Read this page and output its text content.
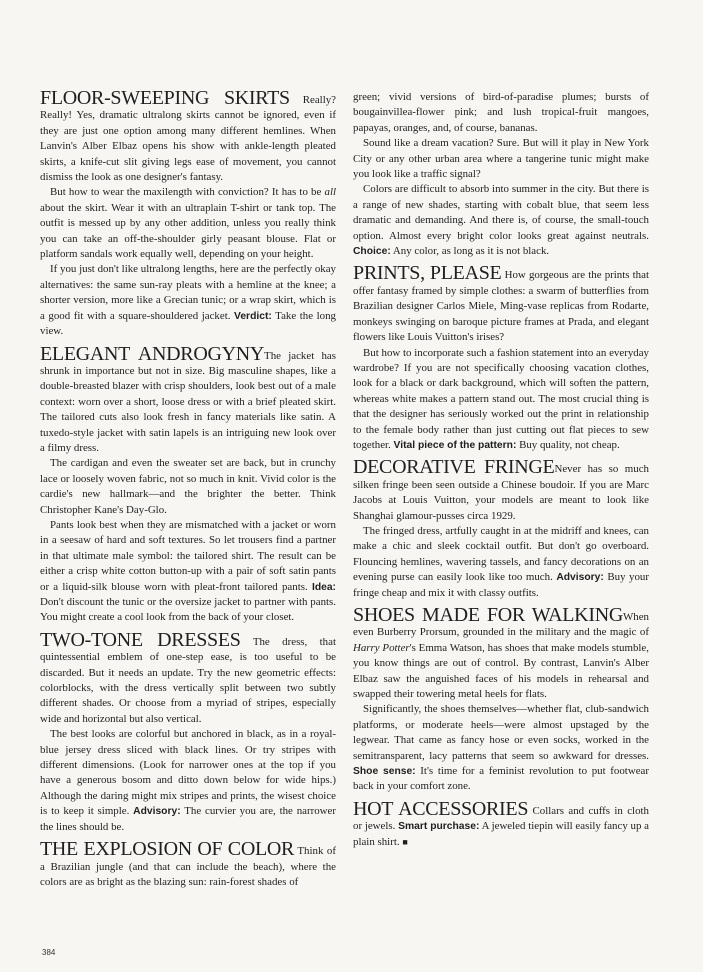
FLOOR-SWEEPING SKIRTS Really? Really! Yes, dramatic ultralong skirts cannot be ignored, even if they are just one option among many different hemlines. When Lanvin's Alber Elbaz opens his show with ankle-length pleated skirts, a knife-cut slit giving legs ease of movement, you cannot dismiss the look as one designer's fantasy.

But how to wear the maxilength with conviction? It has to be all about the skirt. Wear it with an ultraplain T-shirt or tank top. The outfit is messed up by any other addition, unless you really think you can take an off-the-shoulder girly peasant blouse. Flat or platform sandals work equally well, depending on your height.

If you just don't like ultralong lengths, here are the perfectly okay alternatives: the same sun-ray pleats with a hemline at the knee; a shorter version, more like a Grecian tunic; or a wrap skirt, which is a good fit with a square-shouldered jacket. Verdict: Take the long view.

ELEGANT ANDROGYNYThe jacket has shrunk in importance but not in size. Big masculine shapes, like a double-breasted blazer with crisp shoulders, look best out of a male context: worn over a short, loose dress or with a brief pleated skirt. The tailored cuts also look fresh in fancy materials like satin. A tuxedo-style jacket with satin lapels is an intriguing new look over a filmy dress.

The cardigan and even the sweater set are back, but in crunchy lace or loosely woven fabric, not so much in knit. Vivid color is the cardie's new hallmark—and the brighter the better. Think Christopher Kane's Day-Glo.

Pants look best when they are mismatched with a jacket or worn in a seesaw of hard and soft textures. So let trousers find a partner in that ultimate male symbol: the tailored shirt. The result can be either a crisp white cotton button-up with a pair of soft satin pants or a liquid-silk blouse worn with pleat-front tailored pants. Idea: Don't discount the tunic or the oversize jacket to partner with pants. You might create a cool look from the back of your closet.

TWO-TONE DRESSES The dress, that quintessential emblem of one-step ease, is too useful to be discarded. But it needs an update. Try the new geometric effects: colorblocks, with the dress vertically split between two subtly different shades. Or choose from a myriad of stripes, especially wide and horizontal but also vertical.

The best looks are colorful but anchored in black, as in a royal-blue jersey dress sliced with black lines. Or try stripes with different dimensions. (Look for narrower ones at the top if you have a generous bosom and ditto down below for wide hips.) Although the daring might mix stripes and prints, the wisest choice is to keep it simple. Advisory: The curvier you are, the narrower the lines should be.

THE EXPLOSION OF COLOR Think of a Brazilian jungle (and that can include the beach), where the colors are as bright as the blazing sun: rain-forest shades of

green; vivid versions of bird-of-paradise plumes; bursts of bougainvillea-flower pink; and lush tropical-fruit mangoes, papayas, oranges, and, of course, bananas.

Sound like a dream vacation? Sure. But will it play in New York City or any other urban area where a tangerine tunic might make you look like a traffic signal?

Colors are difficult to absorb into summer in the city. But there is a range of new shades, starting with cobalt blue, that seem less dramatic and demanding. And there is, of course, the small-touch option. Almost every bright color looks great against neutrals. Choice: Any color, as long as it is not black.

PRINTS, PLEASE How gorgeous are the prints that offer fantasy framed by simple clothes: a swarm of butterflies from Brazilian designer Carlos Miele, Ming-vase replicas from Rodarte, monkeys swinging on baroque picture frames at Prada, and elegant flowers like Louis Vuitton's irises?

But how to incorporate such a fashion statement into an everyday wardrobe? If you are not specifically choosing vacation clothes, look for a black or dark background, which will soften the pattern, whereas white makes a pattern stand out. The most crucial thing is that the designer has seriously worked out the print in relationship to the female body rather than just cutting out flat pieces to sew together. Vital piece of the pattern: Buy quality, not cheap.

DECORATIVE FRINGENever has so much silken fringe been seen outside a Chinese boudoir. If you are Marc Jacobs at Louis Vuitton, your models are meant to look like Shanghai glamour-pusses circa 1929.

The fringed dress, artfully caught in at the midriff and knees, can make a chic and sleek cocktail outfit. But don't go overboard. Flouncing hemlines, wavering tassels, and fancy decorations on an evening purse can easily look like too much. Advisory: Buy your fringe cheap and mix it with classy outfits.

SHOES MADE FOR WALKINGWhen even Burberry Prorsum, grounded in the military and the magic of Harry Potter's Emma Watson, has shoes that make models stumble, you know things are out of control. By contrast, Lanvin's Alber Elbaz saw the anguished faces of his models in rehearsal and swapped their towering metal heels for flats.

Significantly, the shoes themselves—whether flat, club-sandwich platforms, or moderate heels—were almost upstaged by the legwear. That came as fancy hose or even socks, worked in the semitransparent, lacy patterns that seem so awkward for dresses. Shoe sense: It's time for a feminist revolution to put footwear back in your comfort zone.

HOT ACCESSORIES Collars and cuffs in cloth or jewels. Smart purchase: A jeweled tiepin will easily fancy up a plain shirt. ■

384
